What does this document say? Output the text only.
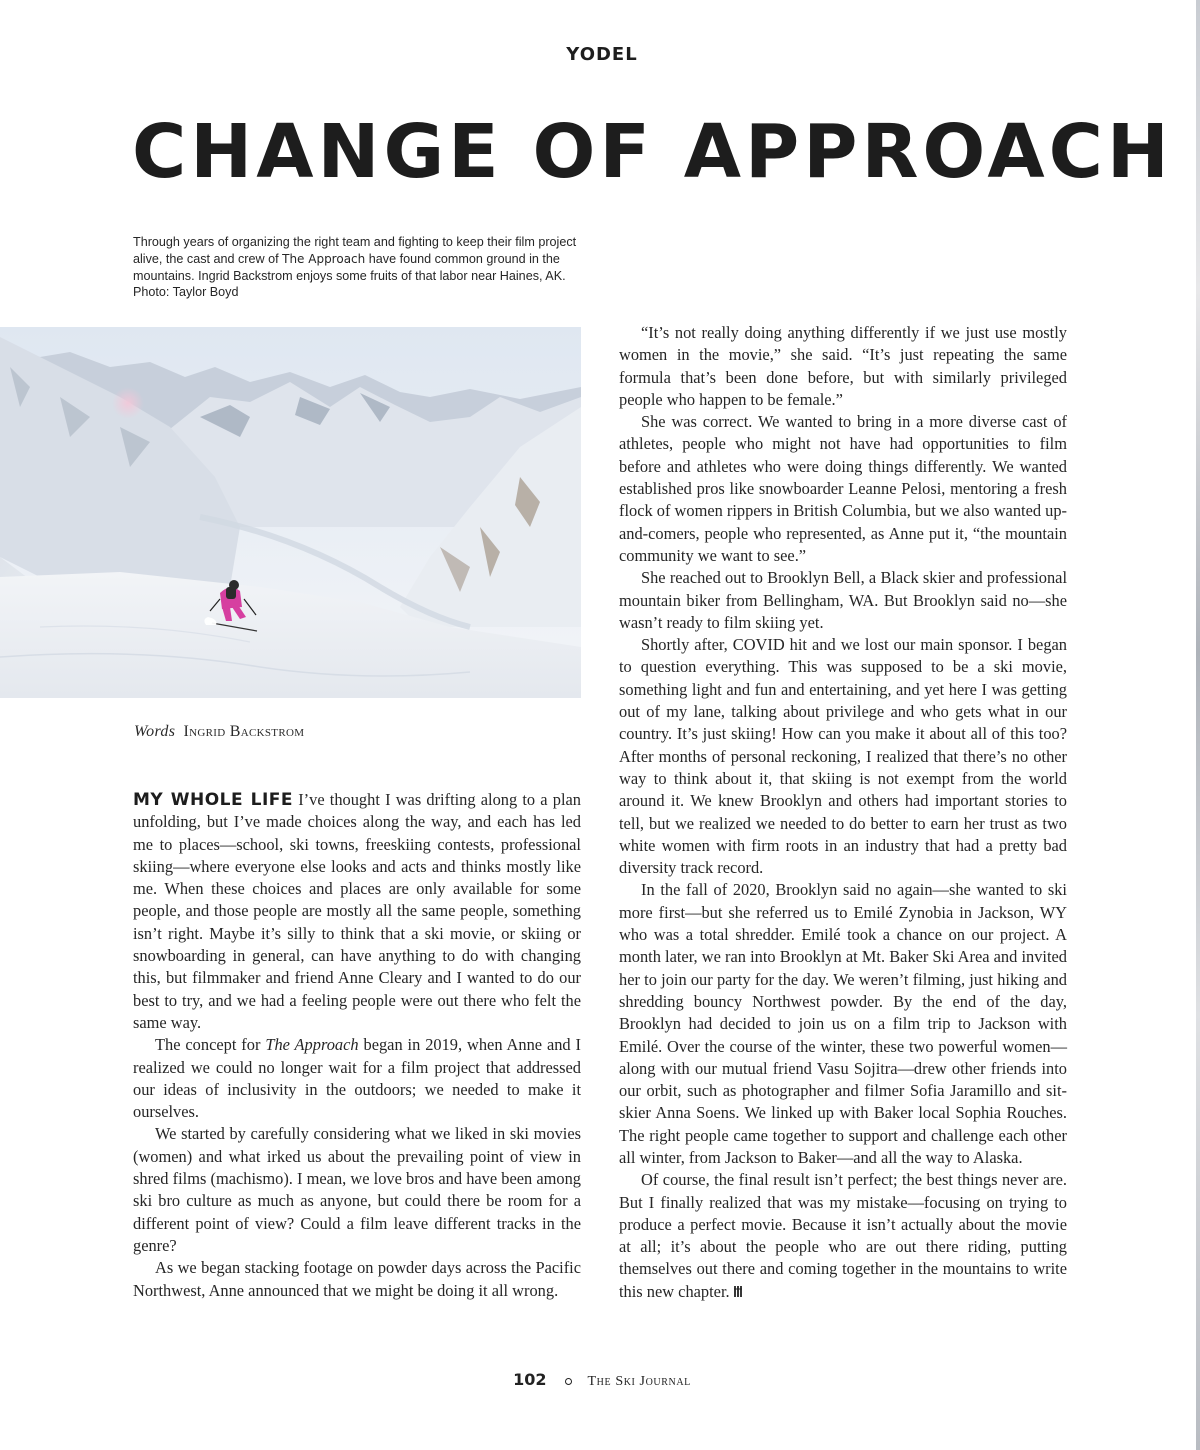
YODEL
CHANGE OF APPROACH
Through years of organizing the right team and fighting to keep their film project alive, the cast and crew of The Approach have found common ground in the mountains. Ingrid Backstrom enjoys some fruits of that labor near Haines, AK.
Photo: Taylor Boyd
Words Ingrid Backstrom

MY WHOLE LIFE I’ve thought I was drifting along to a plan unfolding, but I’ve made choices along the way, and each has led me to places—school, ski towns, freeskiing contests, professional skiing—where everyone else looks and acts and thinks mostly like me. When these choices and places are only available for some people, and those people are mostly all the same people, something isn’t right. Maybe it’s silly to think that a ski movie, or skiing or snowboarding in general, can have anything to do with changing this, but filmmaker and friend Anne Cleary and I wanted to do our best to try, and we had a feeling people were out there who felt the same way.

The concept for The Approach began in 2019, when Anne and I realized we could no longer wait for a film project that addressed our ideas of inclusivity in the outdoors; we needed to make it ourselves.

We started by carefully considering what we liked in ski movies (women) and what irked us about the prevailing point of view in shred films (machismo). I mean, we love bros and have been among ski bro culture as much as anyone, but could there be room for a different point of view? Could a film leave different tracks in the genre?

As we began stacking footage on powder days across the Pacific Northwest, Anne announced that we might be doing it all wrong.

“It’s not really doing anything differently if we just use mostly women in the movie,” she said. “It’s just repeating the same formula that’s been done before, but with similarly privileged people who happen to be female.”

She was correct. We wanted to bring in a more diverse cast of athletes, people who might not have had opportunities to film before and athletes who were doing things differently. We wanted established pros like snowboarder Leanne Pelosi, mentoring a fresh flock of women rippers in British Columbia, but we also wanted up-and-comers, people who represented, as Anne put it, “the mountain community we want to see.”

She reached out to Brooklyn Bell, a Black skier and professional mountain biker from Bellingham, WA. But Brooklyn said no—she wasn’t ready to film skiing yet.

Shortly after, COVID hit and we lost our main sponsor. I began to question everything. This was supposed to be a ski movie, something light and fun and entertaining, and yet here I was getting out of my lane, talking about privilege and who gets what in our country. It’s just skiing! How can you make it about all of this too? After months of personal reckoning, I realized that there’s no other way to think about it, that skiing is not exempt from the world around it. We knew Brooklyn and others had important stories to tell, but we realized we needed to do better to earn her trust as two white women with firm roots in an industry that had a pretty bad diversity track record.

In the fall of 2020, Brooklyn said no again—she wanted to ski more first—but she referred us to Emilé Zynobia in Jackson, WY who was a total shredder. Emilé took a chance on our project. A month later, we ran into Brooklyn at Mt. Baker Ski Area and invited her to join our party for the day. We weren’t filming, just hiking and shredding bouncy Northwest powder. By the end of the day, Brooklyn had decided to join us on a film trip to Jackson with Emilé. Over the course of the winter, these two powerful women—along with our mutual friend Vasu Sojitra—drew other friends into our orbit, such as photographer and filmer Sofia Jaramillo and sit-skier Anna Soens. We linked up with Baker local Sophia Rouches. The right people came together to support and challenge each other all winter, from Jackson to Baker—and all the way to Alaska.

Of course, the final result isn’t perfect; the best things never are. But I finally realized that was my mistake—focusing on trying to produce a perfect movie. Because it isn’t actually about the movie at all; it’s about the people who are out there riding, putting themselves out there and coming together in the mountains to write this new chapter.

102	The Ski Journal
